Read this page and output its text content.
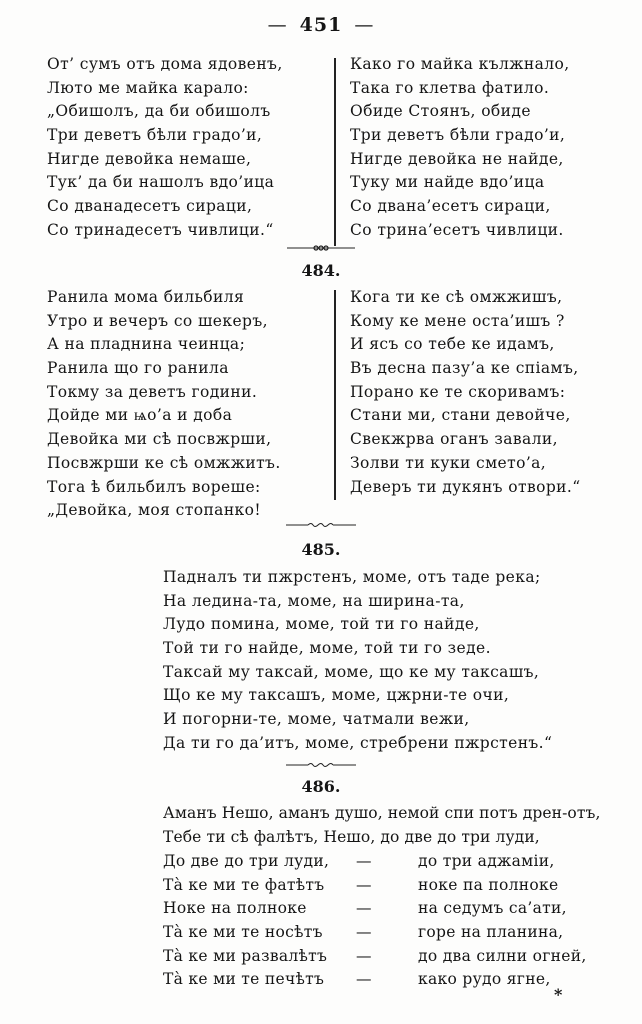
— 451 —
От’ сумъ отъ дома ядовенъ,
Люто ме майка карало:
„Обишолъ, да би обишолъ
Три деветъ бѣли градо’и,
Нигде девойка немаше,
Тук’ да би нашолъ вдо’ица
Со дванадесетъ сираци,
Со тринадесетъ чивлици.“
Како го майка кължнало,
Така го клетва фатило.
Обиде Стоянъ, обиде
Три деветъ бѣли градо’и,
Нигде девойка не найде,
Туку ми найде вдо’ица
Со двана’есетъ сираци,
Со трина’есетъ чивлици.
484.
Ранила мома бильбиля
Утро и вечеръ со шекеръ,
А на пладнина чеинца;
Ранила що го ранила
Токму за деветъ години.
Дойде ми ѩо’а и доба
Девойка ми сѣ посвжрши,
Посвжрши ке сѣ омжжитъ.
Тога ѣ бильбилъ вореше:
„Девойка, моя стопанко!
Кога ти ке сѣ омжжишъ,
Кому ке мене оста’ишъ ?
И ясъ со тебе ке идамъ,
Въ десна пазу’а ке спiамъ,
Порано ке те скоривамъ:
Стани ми, стани девойче,
Свекжрва оганъ завали,
Золви ти куки смето’а,
Деверъ ти дукянъ отвори.“
485.
Падналъ ти пжрстенъ, моме, отъ таде река;
На ледина-та, моме, на ширина-та,
Лудо помина, моме, той ти го найде,
Той ти го найде, моме, той ти го зеде.
Таксай му таксай, моме, що ке му таксашъ,
Що ке му таксашъ, моме, цжрни-те очи,
И погорни-те, моме, чатмали вежи,
Да ти го да’итъ, моме, стребрени пжрстенъ.“
486.
Аманъ Нешо, аманъ душо, немой спи потъ дрен-отъ,
Тебе ти сѣ фалѣтъ, Нешо, до две до три луди,
До две до три луди, —	до три аджамiи,
Тà ке ми те фатѣтъ —	ноке па полноке
Ноке на полноке	—	на седумъ са’ати,
Тà ке ми те носѣтъ —	горе на планина,
Тà ке ми развалѣтъ —	до два силни огней,
Тà ке ми те печѣтъ —	како рудо ягне,
*
